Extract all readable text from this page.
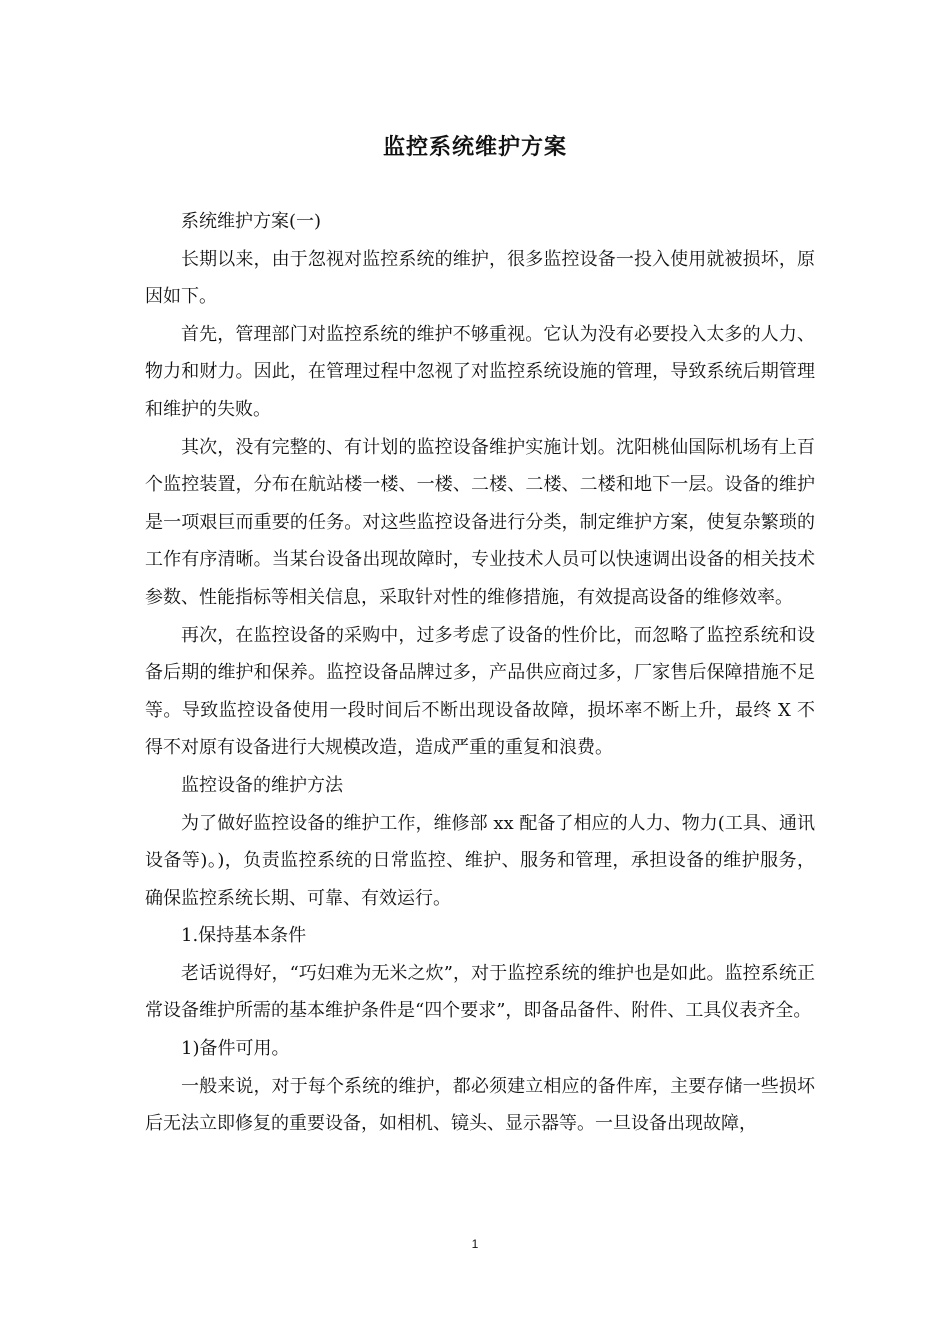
监控系统维护方案

系统维护方案(一)

长期以来，由于忽视对监控系统的维护，很多监控设备一投入使用就被损坏，原因如下。

首先，管理部门对监控系统的维护不够重视。它认为没有必要投入太多的人力、物力和财力。因此，在管理过程中忽视了对监控系统设施的管理，导致系统后期管理和维护的失败。

其次，没有完整的、有计划的监控设备维护实施计划。沈阳桃仙国际机场有上百个监控装置，分布在航站楼一楼、一楼、二楼、二楼、二楼和地下一层。设备的维护是一项艰巨而重要的任务。对这些监控设备进行分类，制定维护方案，使复杂繁琐的工作有序清晰。当某台设备出现故障时，专业技术人员可以快速调出设备的相关技术参数、性能指标等相关信息，采取针对性的维修措施，有效提高设备的维修效率。

再次，在监控设备的采购中，过多考虑了设备的性价比，而忽略了监控系统和设备后期的维护和保养。监控设备品牌过多，产品供应商过多，厂家售后保障措施不足等。导致监控设备使用一段时间后不断出现设备故障，损坏率不断上升，最终 X 不得不对原有设备进行大规模改造，造成严重的重复和浪费。

监控设备的维护方法

为了做好监控设备的维护工作，维修部 xx 配备了相应的人力、物力(工具、通讯设备等)。)，负责监控系统的日常监控、维护、服务和管理，承担设备的维护服务，确保监控系统长期、可靠、有效运行。

1.保持基本条件

老话说得好，“巧妇难为无米之炊”，对于监控系统的维护也是如此。监控系统正常设备维护所需的基本维护条件是“四个要求”，即备品备件、附件、工具仪表齐全。

1)备件可用。

一般来说，对于每个系统的维护，都必须建立相应的备件库，主要存储一些损坏后无法立即修复的重要设备，如相机、镜头、显示器等。一旦设备出现故障，

1
